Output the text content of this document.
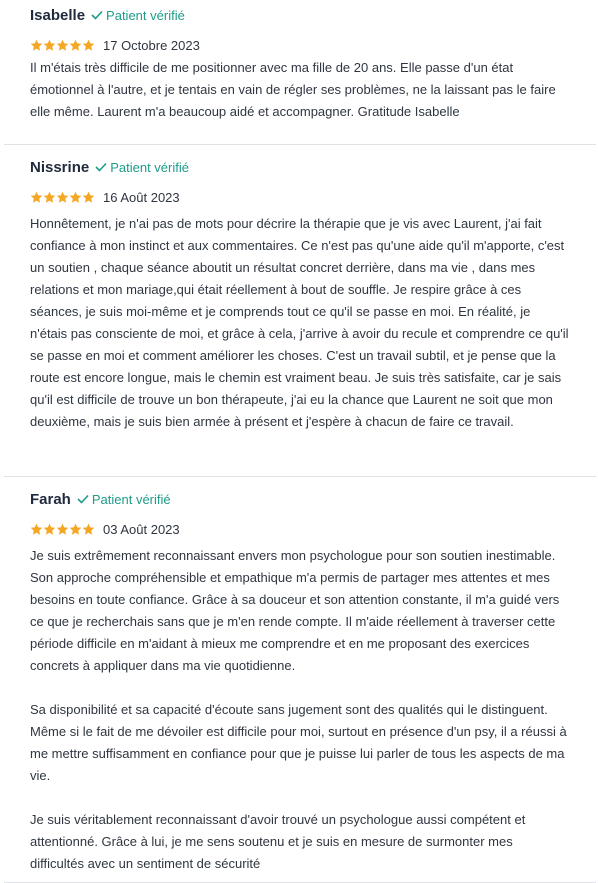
Isabelle Patient vérifié
17 Octobre 2023

Il m'étais très difficile de me positionner avec ma fille de 20 ans. Elle passe d'un état émotionnel à l'autre, et je tentais en vain de régler ses problèmes, ne la laissant pas le faire elle même. Laurent m'a beaucoup aidé et accompagner. Gratitude Isabelle

Nissrine Patient vérifié
16 Août 2023

Honnêtement, je n'ai pas de mots pour décrire la thérapie que je vis avec Laurent, j'ai fait confiance à mon instinct et aux commentaires. Ce n'est pas qu'une aide qu'il m'apporte, c'est un soutien , chaque séance aboutit un résultat concret derrière, dans ma vie , dans mes relations et mon mariage,qui était réellement à bout de souffle. Je respire grâce à ces séances, je suis moi-même et je comprends tout ce qu'il se passe en moi. En réalité, je n'étais pas consciente de moi, et grâce à cela, j'arrive à avoir du recule et comprendre ce qu'il se passe en moi et comment améliorer les choses. C'est un travail subtil, et je pense que la route est encore longue, mais le chemin est vraiment beau. Je suis très satisfaite, car je sais qu'il est difficile de trouve un bon thérapeute, j'ai eu la chance que Laurent ne soit que mon deuxième, mais je suis bien armée à présent et j'espère à chacun de faire ce travail.

Farah Patient vérifié
03 Août 2023

Je suis extrêmement reconnaissant envers mon psychologue pour son soutien inestimable. Son approche compréhensible et empathique m'a permis de partager mes attentes et mes besoins en toute confiance. Grâce à sa douceur et son attention constante, il m'a guidé vers ce que je recherchais sans que je m'en rende compte. Il m'aide réellement à traverser cette période difficile en m'aidant à mieux me comprendre et en me proposant des exercices concrets à appliquer dans ma vie quotidienne.

Sa disponibilité et sa capacité d'écoute sans jugement sont des qualités qui le distinguent. Même si le fait de me dévoiler est difficile pour moi, surtout en présence d'un psy, il a réussi à me mettre suffisamment en confiance pour que je puisse lui parler de tous les aspects de ma vie.

Je suis véritablement reconnaissant d'avoir trouvé un psychologue aussi compétent et attentionné. Grâce à lui, je me sens soutenu et je suis en mesure de surmonter mes difficultés avec un sentiment de sécurité
